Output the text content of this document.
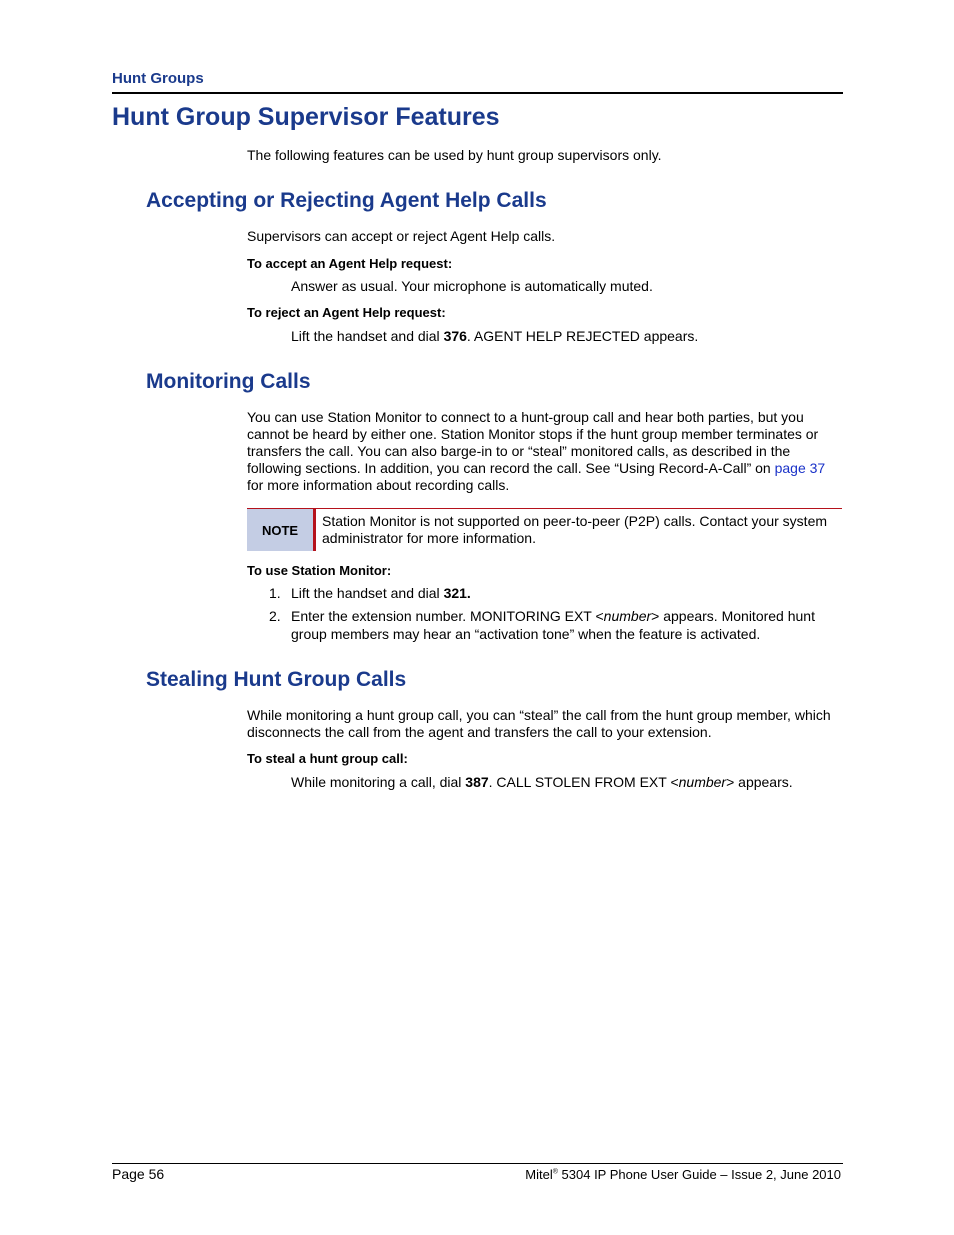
Hunt Groups
Hunt Group Supervisor Features

The following features can be used by hunt group supervisors only.

Accepting or Rejecting Agent Help Calls

Supervisors can accept or reject Agent Help calls.

To accept an Agent Help request:

Answer as usual. Your microphone is automatically muted.

To reject an Agent Help request:

Lift the handset and dial 376. AGENT HELP REJECTED appears.

Monitoring Calls

You can use Station Monitor to connect to a hunt-group call and hear both parties, but you cannot be heard by either one. Station Monitor stops if the hunt group member terminates or transfers the call. You can also barge-in to or “steal” monitored calls, as described in the following sections. In addition, you can record the call. See “Using Record-A-Call” on page 37 for more information about recording calls.

NOTE
Station Monitor is not supported on peer-to-peer (P2P) calls. Contact your system administrator for more information.

To use Station Monitor:

1. Lift the handset and dial 321.
2. Enter the extension number. MONITORING EXT <number> appears. Monitored hunt group members may hear an “activation tone” when the feature is activated.
Stealing Hunt Group Calls

While monitoring a hunt group call, you can “steal” the call from the hunt group member, which disconnects the call from the agent and transfers the call to your extension.

To steal a hunt group call:

While monitoring a call, dial 387. CALL STOLEN FROM EXT <number> appears.

Page 56	Mitel® 5304 IP Phone User Guide – Issue 2, June 2010
